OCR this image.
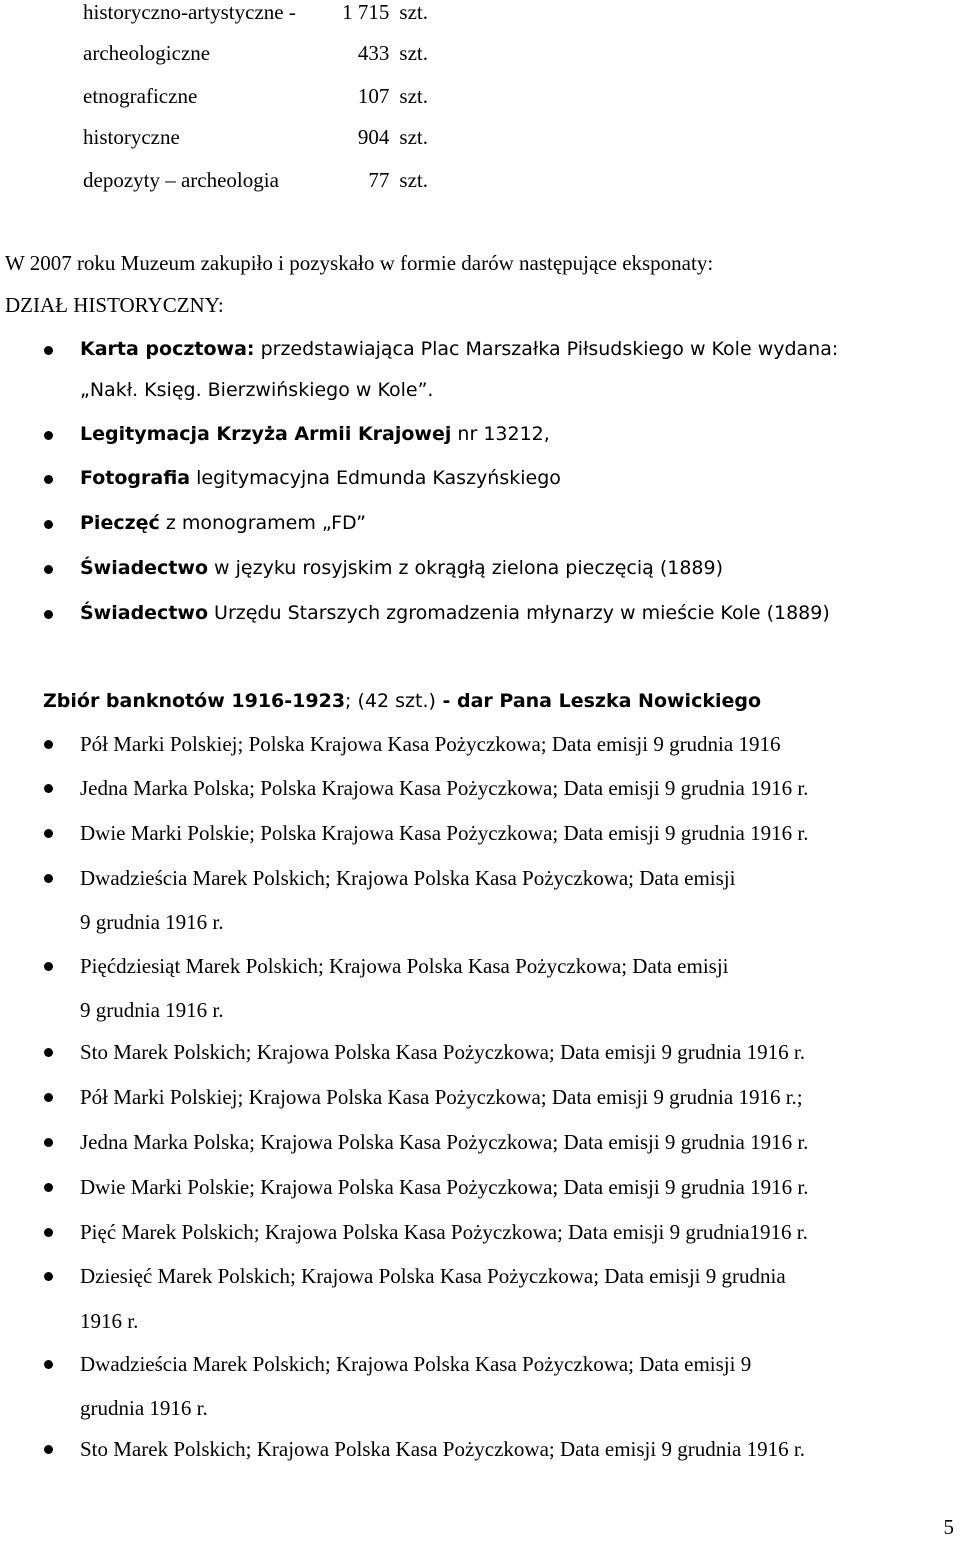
historyczno-artystyczne - 1 715 szt.
archeologiczne	433 szt.
etnograficzne	107 szt.
historyczne	904 szt.
depozyty – archeologia	77 szt.
W 2007 roku Muzeum zakupiło i pozyskało w formie darów następujące eksponaty:
DZIAŁ HISTORYCZNY:
Karta pocztowa: przedstawiająca Plac Marszałka Piłsudskiego w Kole wydana:
„Nakł. Księg. Bierzwińskiego w Kole”.
Legitymacja Krzyża Armii Krajowej nr 13212,
Fotografia legitymacyjna Edmunda Kaszyńskiego
Pieczęć z monogramem „FD”
Świadectwo w języku rosyjskim z okrągłą zielona pieczęcią (1889)
Świadectwo Urzędu Starszych zgromadzenia młynarzy w mieście Kole (1889)
Zbiór banknotów 1916-1923; (42 szt.) - dar Pana Leszka Nowickiego
Pół Marki Polskiej; Polska Krajowa Kasa Pożyczkowa; Data emisji 9 grudnia 1916
Jedna Marka Polska; Polska Krajowa Kasa Pożyczkowa; Data emisji 9 grudnia 1916 r.
Dwie Marki Polskie; Polska Krajowa Kasa Pożyczkowa; Data emisji 9 grudnia 1916 r.
Dwadzieścia Marek Polskich; Krajowa Polska Kasa Pożyczkowa; Data emisji
9 grudnia 1916 r.
Pięćdziesiąt Marek Polskich; Krajowa Polska Kasa Pożyczkowa; Data emisji
9 grudnia 1916 r.
Sto Marek Polskich; Krajowa Polska Kasa Pożyczkowa; Data emisji 9 grudnia 1916 r.
Pół Marki Polskiej; Krajowa Polska Kasa Pożyczkowa; Data emisji 9 grudnia 1916 r.;
Jedna Marka Polska; Krajowa Polska Kasa Pożyczkowa; Data emisji 9 grudnia 1916 r.
Dwie Marki Polskie; Krajowa Polska Kasa Pożyczkowa; Data emisji 9 grudnia 1916 r.
Pięć Marek Polskich; Krajowa Polska Kasa Pożyczkowa; Data emisji 9 grudnia1916 r.
Dziesięć Marek Polskich; Krajowa Polska Kasa Pożyczkowa; Data emisji 9 grudnia
1916 r.
Dwadzieścia Marek Polskich; Krajowa Polska Kasa Pożyczkowa; Data emisji 9
grudnia 1916 r.
Sto Marek Polskich; Krajowa Polska Kasa Pożyczkowa; Data emisji 9 grudnia 1916 r.
5
